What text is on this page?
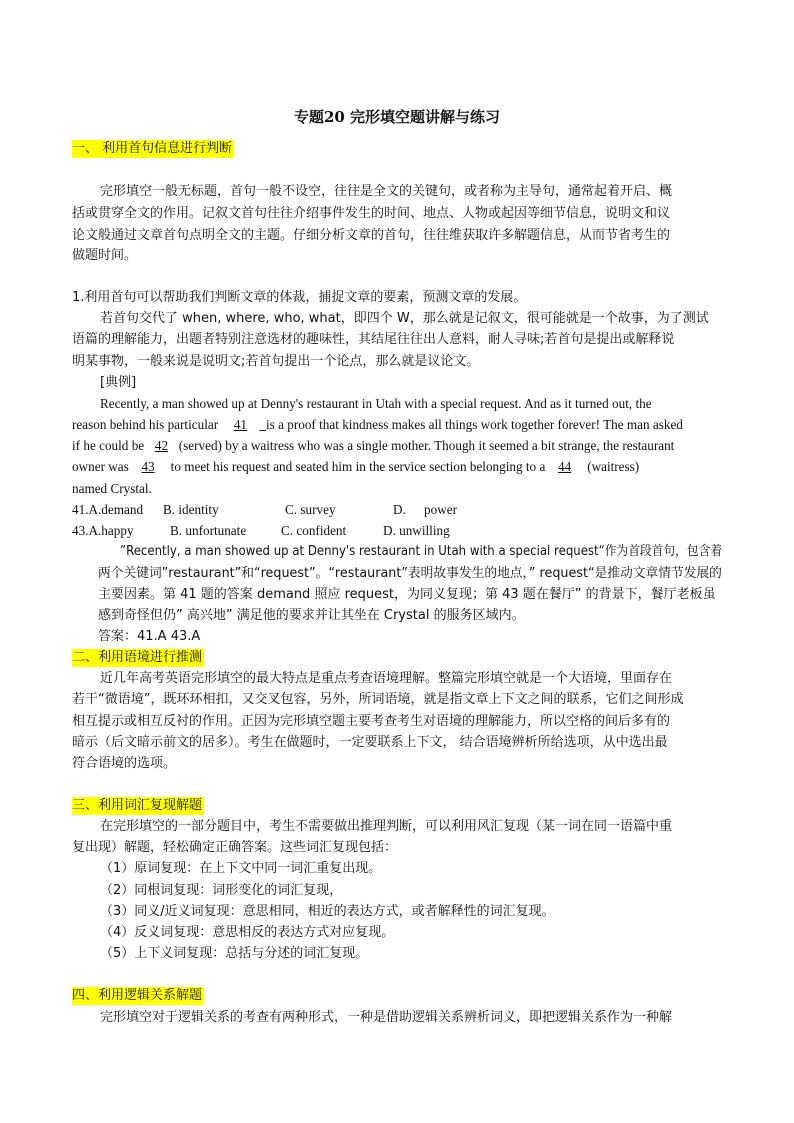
专题20 完形填空题讲解与练习
一、 利用首句信息进行判断
完形填空一般无标题，首句一般不设空，往往是全文的关键句，或者称为主导句，通常起着开启、概
括或贯穿全文的作用。记叙文首句往往介绍事件发生的时间、地点、人物或起因等细节信息，说明文和议
论文般通过文章首句点明全文的主题。仔细分析文章的首句，往往维获取许多解题信息，从而节省考生的
做题时间。
1.利用首句可以帮助我们判断文章的体裁，捕捉文章的要素，预测文章的发展。
若首句交代了 when, where, who, what，即四个 W，那么就是记叙文，很可能就是一个故事，为了测试
语篇的理解能力，出题者特别注意选材的趣味性，其结尾往往出人意料，耐人寻味;若首句是提出或解释说
明某事物，一般来说是说明文;若首句提出一个论点，那么就是议论文。
[典例]
Recently, a man showed up at Denny's restaurant in Utah with a special request. And as it turned out, the
reason behind his particular 41 is a proof that kindness makes all things work together forever! The man asked
if he could be 42 (served) by a waitress who was a single mother. Though it seemed a bit strange, the restaurant
owner was 43 to meet his request and seated him in the service section belonging to a 44 (waitress)
named Crystal.
41.A.demand B. identity	C. survey	D. power
43.A.happy	B. unfortunate	C. confident	D. unwilling
”Recently, a man showed up at Denny's restaurant in Utah with a special request“作为首段首句，包含着
两个关键词”restaurant”和“request”。“restaurant”表明故事发生的地点，” request“是推动文章情节发展的
主要因素。第 41 题的答案 demand 照应 request，为同义复现；第 43 题在餐厅” 的背景下，餐厅老板虽
感到奇怪但仍” 高兴地” 满足他的要求并让其坐在 Crystal 的服务区域内。
答案：41.A 43.A
二、利用语境进行推测
近几年高考英语完形填空的最大特点是重点考查语境理解。整篇完形填空就是一个大语境，里面存在
若干“微语境”，既环环相扣，又交叉包容，另外，所词语境，就是指文章上下文之间的联系，它们之间形成
相互提示或相互反衬的作用。正因为完形填空题主要考查考生对语境的理解能力，所以空格的间后多有的
暗示（后文暗示前文的居多）。考生在做题时，一定要联系上下文， 结合语境辨析所给选项，从中选出最
符合语境的选项。
三、利用词汇复现解题
在完形填空的一部分题目中，考生不需要做出推理判断，可以利用风汇复现（某一词在同一语篇中重
复出现）解题，轻松确定正确答案。这些词汇复现包括：
（1）原词复现：在上下文中同一词汇重复出现。
（2）同根词复现：词形变化的词汇复现，
（3）同义/近义词复现：意思相同，相近的表达方式，或者解释性的词汇复现。
（4）反义词复现：意思相反的表达方式对应复现。
（5）上下义词复现：总括与分述的词汇复现。
四、利用逻辑关系解题
完形填空对于逻辑关系的考查有两种形式，一种是借助逻辑关系辨析词义，即把逻辑关系作为一种解
